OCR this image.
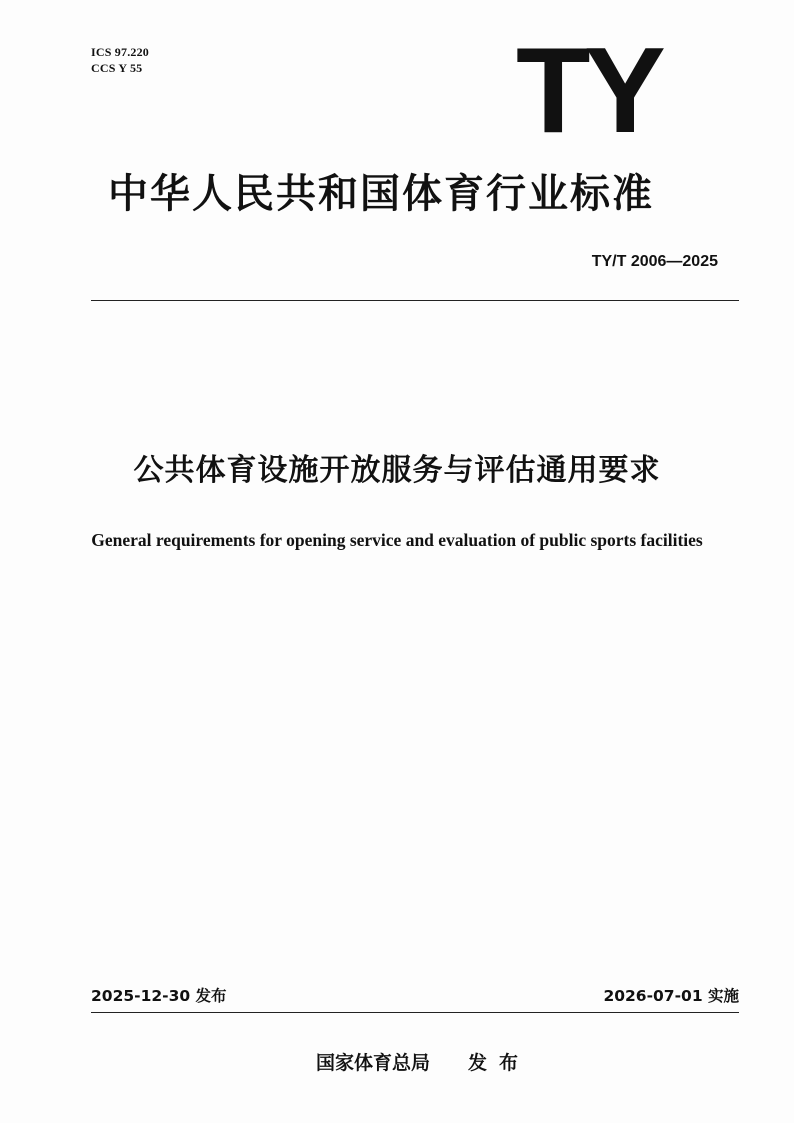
ICS 97.220
CCS Y 55	TY
中华人民共和国体育行业标准
TY/T 2006—2025
公共体育设施开放服务与评估通用要求
General requirements for opening service and evaluation of public sports facilities
2025-12-30 发布	2026-07-01 实施
国家体育总局 发布
